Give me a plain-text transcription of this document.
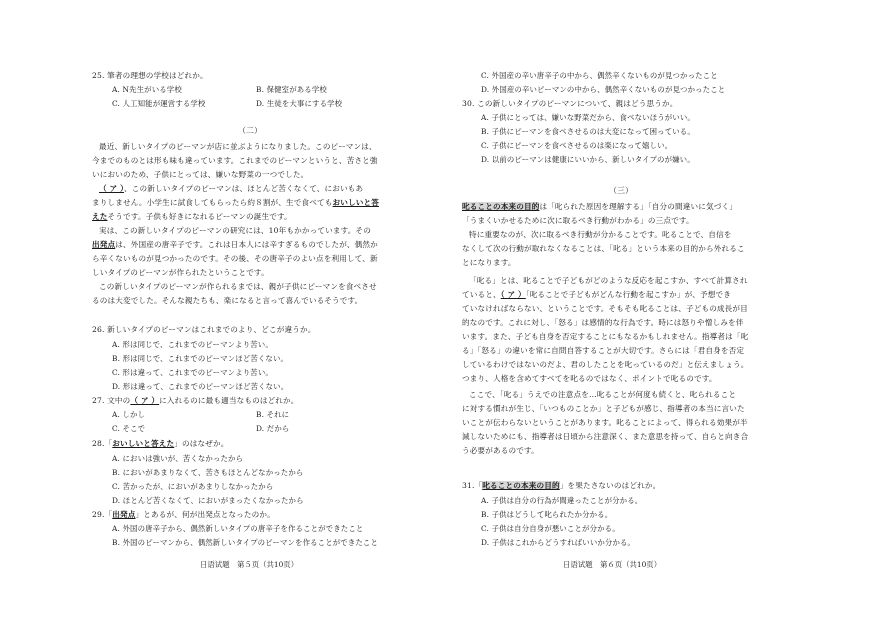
25. 筆者の理想の学校はどれか。
A. N先生がいる学校	B. 保健室がある学校
C. 人工知能が運営する学校	D. 生徒を大事にする学校
（二）
最近、新しいタイプのピーマンが店に並ぶようになりました。このピーマンは、
今までのものとは形も味も違っています。これまでのピーマンというと、苦さと強
いにおいのため、子供にとっては、嫌いな野菜の一つでした。
（ ア ）、この新しいタイプのピーマンは、ほとんど苦くなくて、においもあ
まりしません。小学生に試食してもらったら約８割が、生で食べてもおいしいと答
えたそうです。子供も好きになれるピーマンの誕生です。
実は、この新しいタイプのピーマンの研究には、10年もかかっています。その
出発点は、外国産の唐辛子です。これは日本人には辛すぎるものでしたが、偶然か
ら辛くないものが見つかったのです。その後、その唐辛子のよい点を利用して、新
しいタイプのピーマンが作られたということです。
この新しいタイプのピーマンが作られるまでは、親が子供にピーマンを食べさせ
るのは大変でした。そんな親たちも、楽になると言って喜んでいるそうです。
26. 新しいタイプのピーマンはこれまでのより、どこが違うか。
A. 形は同じで、これまでのピーマンより苦い。
B. 形は同じで、これまでのピーマンほど苦くない。
C. 形は違って、これまでのピーマンより苦い。
D. 形は違って、これまでのピーマンほど苦くない。
27. 文中の（ ア ）に入れるのに最も適当なものはどれか。
A. しかし	B. それに
C. そこで	D. だから
28.「おいしいと答えた」のはなぜか。
A. においは強いが、苦くなかったから
B. においがあまりなくて、苦さもほとんどなかったから
C. 苦かったが、においがあまりしなかったから
D. ほとんど苦くなくて、においがまったくなかったから
29.「出発点」とあるが、何が出発点となったのか。
A. 外国の唐辛子から、偶然新しいタイプの唐辛子を作ることができたこと
B. 外国のピーマンから、偶然新しいタイプのピーマンを作ることができたこと
日语试题　第５页（共10页）
C. 外国産の辛い唐辛子の中から、偶然辛くないものが見つかったこと
D. 外国産の辛いピーマンの中から、偶然辛くないものが見つかったこと
30. この新しいタイプのピーマンについて、親はどう思うか。
A. 子供にとっては、嫌いな野菜だから、食べないほうがいい。
B. 子供にピーマンを食べさせるのは大変になって困っている。
C. 子供にピーマンを食べさせるのは楽になって嬉しい。
D. 以前のピーマンは健康にいいから、新しいタイプのが嫌い。
（三）
叱ることの本来の目的は「叱られた原因を理解する」「自分の間違いに気づく」
「うまくいかせるために次に取るべき行動がわかる」の三点です。
特に重要なのが、次に取るべき行動が分かることです。叱ることで、自信を
なくして次の行動が取れなくなることは、「叱る」という本来の目的から外れるこ
とになります。
「叱る」とは、叱ることで子どもがどのような反応を起こすか、すべて計算され
ていると、（ ア ）「叱ることで子どもがどんな行動を起こすか」が、予想でき
ていなければならない、ということです。そもそも叱ることは、子どもの成長が目
的なのです。これに対し、「怒る」は感情的な行為です。時には怒りや憎しみを伴
います。また、子ども自身を否定することにもなるかもしれません。指導者は「叱
る」「怒る」の違いを常に自問自答することが大切です。さらには「君自身を否定
しているわけではないのだよ、君のしたことを叱っているのだ」と伝えましょう。
つまり、人格を含めてすべてを叱るのではなく、ポイントで叱るのです。
ここで、「叱る」うえでの注意点を…叱ることが何度も続くと、叱られること
に対する慣れが生じ、「いつものことか」と子どもが感じ、指導者の本当に言いた
いことが伝わらないということがあります。叱ることによって、得られる効果が半
減しないためにも、指導者は日頃から注意深く、また意思を持って、自らと向き合
う必要があるのです。
31.「叱ることの本来の目的」を果たさないのはどれか。
A. 子供は自分の行為が間違ったことが分かる。
B. 子供はどうして叱られたか分かる。
C. 子供は自分自身が悪いことが分かる。
D. 子供はこれからどうすればいいか分かる。
日语试题　第６页（共10页）
